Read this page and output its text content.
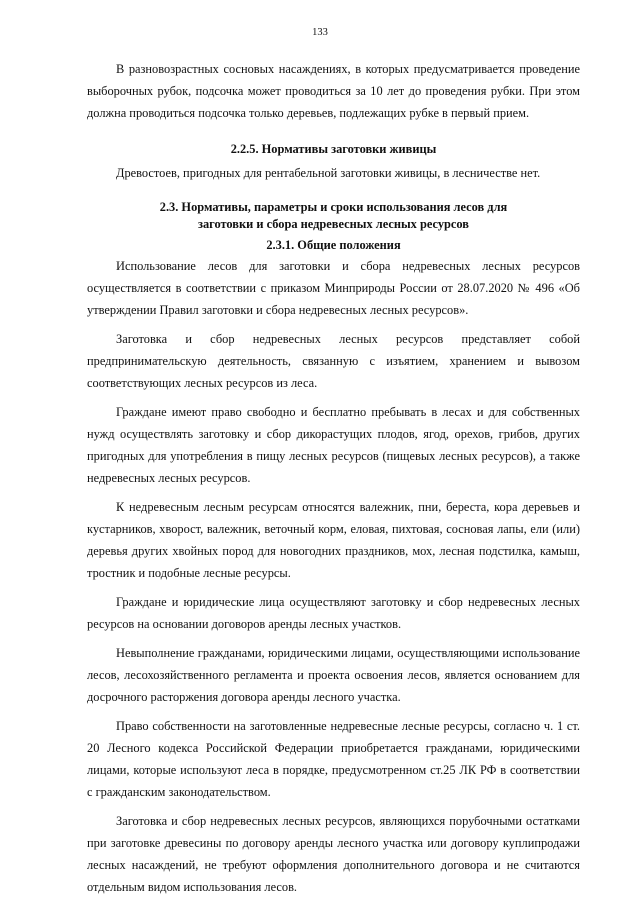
133

В разновозрастных сосновых насаждениях, в которых предусматривается проведение выборочных рубок, подсочка может проводиться за 10 лет до проведения рубки. При этом должна проводиться подсочка только деревьев, подлежащих рубке в первый прием.

2.2.5. Нормативы заготовки живицы

Древостоев, пригодных для рентабельной заготовки живицы, в лесничестве нет.

2.3. Нормативы, параметры и сроки использования лесов для
заготовки и сбора недревесных лесных ресурсов
2.3.1. Общие положения

Использование лесов для заготовки и сбора недревесных лесных ресурсов осуществляется в соответствии с приказом Минприроды России от 28.07.2020 № 496 «Об утверждении Правил заготовки и сбора недревесных лесных ресурсов».

Заготовка и сбор недревесных лесных ресурсов представляет собой предпринимательскую деятельность, связанную с изъятием, хранением и вывозом соответствующих лесных ресурсов из леса.

Граждане имеют право свободно и бесплатно пребывать в лесах и для собственных нужд осуществлять заготовку и сбор дикорастущих плодов, ягод, орехов, грибов, других пригодных для употребления в пищу лесных ресурсов (пищевых лесных ресурсов), а также недревесных лесных ресурсов.

К недревесным лесным ресурсам относятся валежник, пни, береста, кора деревьев и кустарников, хворост, валежник, веточный корм, еловая, пихтовая, сосновая лапы, ели (или) деревья других хвойных пород для новогодних праздников, мох, лесная подстилка, камыш, тростник и подобные лесные ресурсы.

Граждане и юридические лица осуществляют заготовку и сбор недревесных лесных ресурсов на основании договоров аренды лесных участков.

Невыполнение гражданами, юридическими лицами, осуществляющими использование лесов, лесохозяйственного регламента и проекта освоения лесов, является основанием для досрочного расторжения договора аренды лесного участка.

Право собственности на заготовленные недревесные лесные ресурсы, согласно ч. 1 ст. 20 Лесного кодекса Российской Федерации приобретается гражданами, юридическими лицами, которые используют леса в порядке, предусмотренном ст.25 ЛК РФ в соответствии с гражданским законодательством.

Заготовка и сбор недревесных лесных ресурсов, являющихся порубочными остатками при заготовке древесины по договору аренды лесного участка или договору куплипродажи лесных насаждений, не требуют оформления дополнительного договора и не считаются отдельным видом использования лесов.
